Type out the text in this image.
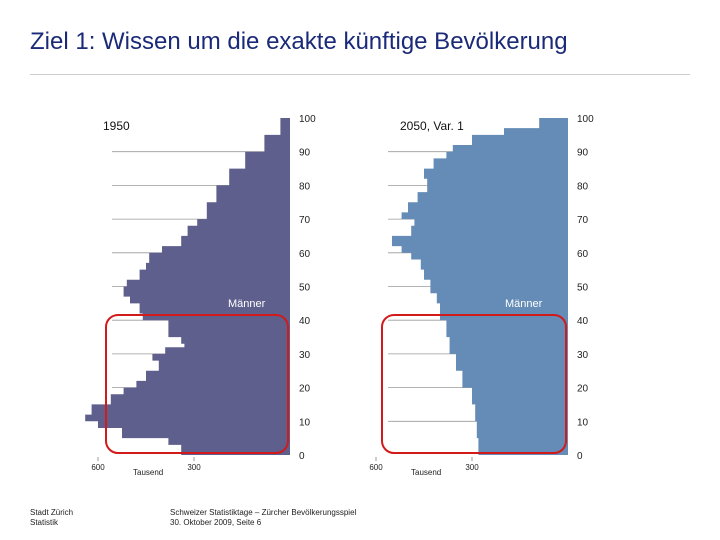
Ziel 1: Wissen um die exakte künftige Bevölkerung
0
10
20
30
40
50
60
70
80
90
100
600	300
1950
Männer
Tausend
0
10
20
30
40
50
60
70
80
90
100
600	300
2050, Var. 1
Männer
Tausend
Stadt Zürich
Statistik
Schweizer Statistiktage – Zürcher Bevölkerungsspiel
30. Oktober 2009, Seite 6
